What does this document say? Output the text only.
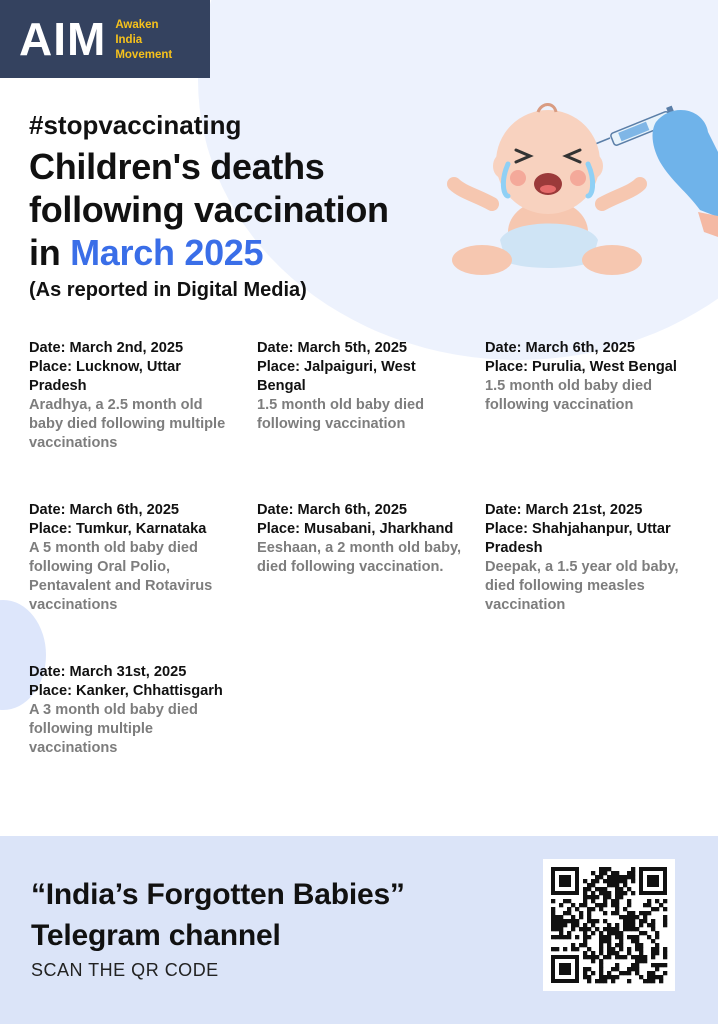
AIM Awaken
India
Movement
#stopvaccinating
Children's deaths
following vaccination
in March 2025
(As reported in Digital Media)
Date: March 2nd, 2025
Place: Lucknow, Uttar Pradesh
Aradhya, a 2.5 month old baby died following multiple vaccinations
Date: March 5th, 2025
Place: Jalpaiguri, West Bengal
1.5 month old baby died following vaccination
Date: March 6th, 2025
Place: Purulia, West Bengal
1.5 month old baby died following vaccination
Date: March 6th, 2025
Place: Tumkur, Karnataka
A 5 month old baby died following Oral Polio, Pentavalent and Rotavirus vaccinations
Date: March 6th, 2025
Place: Musabani, Jharkhand
Eeshaan, a 2 month old baby, died following vaccination.
Date: March 21st, 2025
Place: Shahjahanpur, Uttar Pradesh
Deepak, a 1.5 year old baby, died following measles vaccination
Date: March 31st, 2025
Place: Kanker, Chhattisgarh
A 3 month old baby died following multiple vaccinations
“India’s Forgotten Babies”
Telegram channel
SCAN THE QR CODE
